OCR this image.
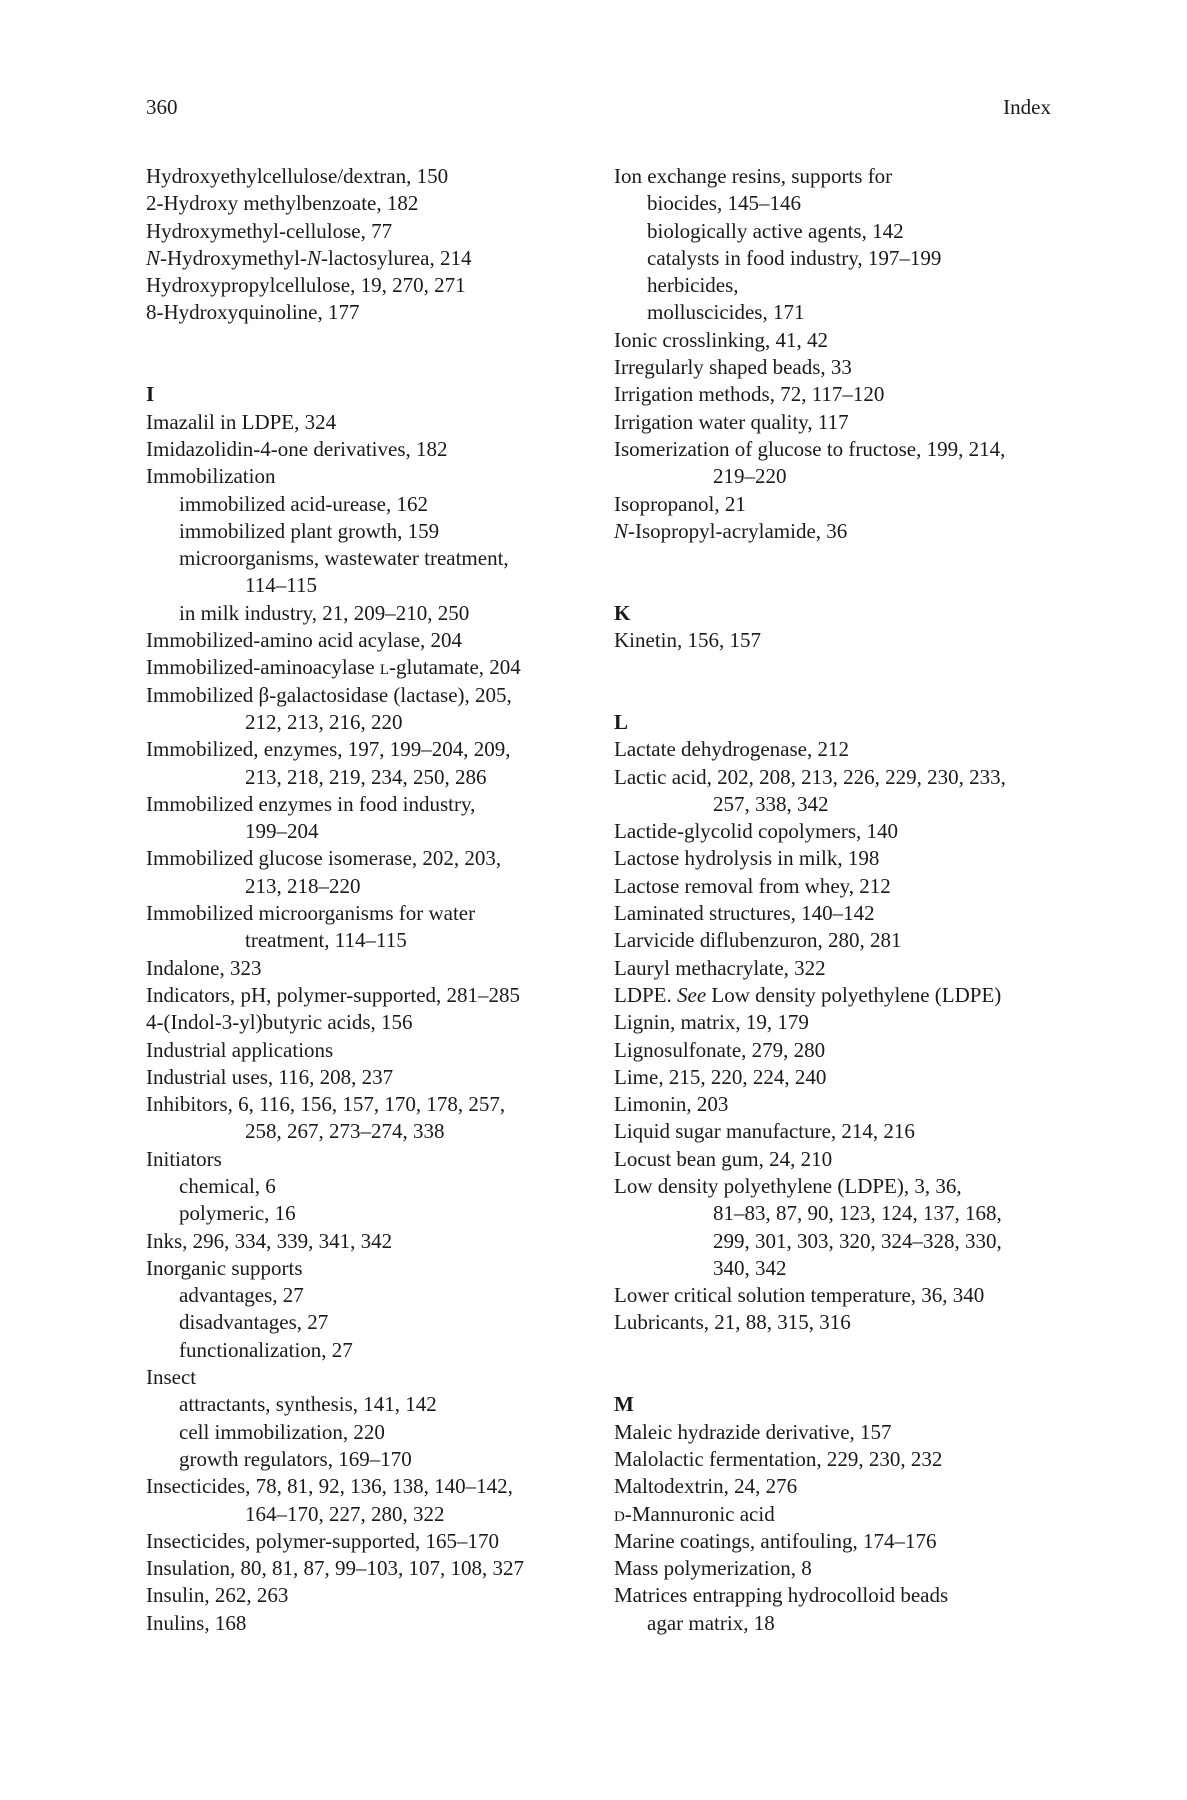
360	Index
Hydroxyethylcellulose/dextran, 150
2-Hydroxy methylbenzoate, 182
Hydroxymethyl-cellulose, 77
N-Hydroxymethyl-N-lactosylurea, 214
Hydroxypropylcellulose, 19, 270, 271
8-Hydroxyquinoline, 177
I
Imazalil in LDPE, 324
Imidazolidin-4-one derivatives, 182
Immobilization
immobilized acid-urease, 162
immobilized plant growth, 159
microorganisms, wastewater treatment,
114–115
in milk industry, 21, 209–210, 250
Immobilized-amino acid acylase, 204
Immobilized-aminoacylase l-glutamate, 204
Immobilized β-galactosidase (lactase), 205,
212, 213, 216, 220
Immobilized, enzymes, 197, 199–204, 209,
213, 218, 219, 234, 250, 286
Immobilized enzymes in food industry,
199–204
Immobilized glucose isomerase, 202, 203,
213, 218–220
Immobilized microorganisms for water
treatment, 114–115
Indalone, 323
Indicators, pH, polymer-supported, 281–285
4-(Indol-3-yl)butyric acids, 156
Industrial applications
Industrial uses, 116, 208, 237
Inhibitors, 6, 116, 156, 157, 170, 178, 257,
258, 267, 273–274, 338
Initiators
chemical, 6
polymeric, 16
Inks, 296, 334, 339, 341, 342
Inorganic supports
advantages, 27
disadvantages, 27
functionalization, 27
Insect
attractants, synthesis, 141, 142
cell immobilization, 220
growth regulators, 169–170
Insecticides, 78, 81, 92, 136, 138, 140–142,
164–170, 227, 280, 322
Insecticides, polymer-supported, 165–170
Insulation, 80, 81, 87, 99–103, 107, 108, 327
Insulin, 262, 263
Inulins, 168
Ion exchange resins, supports for
biocides, 145–146
biologically active agents, 142
catalysts in food industry, 197–199
herbicides,
molluscicides, 171
Ionic crosslinking, 41, 42
Irregularly shaped beads, 33
Irrigation methods, 72, 117–120
Irrigation water quality, 117
Isomerization of glucose to fructose, 199, 214,
219–220
Isopropanol, 21
N-Isopropyl-acrylamide, 36
K
Kinetin, 156, 157
L
Lactate dehydrogenase, 212
Lactic acid, 202, 208, 213, 226, 229, 230, 233,
257, 338, 342
Lactide-glycolid copolymers, 140
Lactose hydrolysis in milk, 198
Lactose removal from whey, 212
Laminated structures, 140–142
Larvicide diflubenzuron, 280, 281
Lauryl methacrylate, 322
LDPE. See Low density polyethylene (LDPE)
Lignin, matrix, 19, 179
Lignosulfonate, 279, 280
Lime, 215, 220, 224, 240
Limonin, 203
Liquid sugar manufacture, 214, 216
Locust bean gum, 24, 210
Low density polyethylene (LDPE), 3, 36,
81–83, 87, 90, 123, 124, 137, 168,
299, 301, 303, 320, 324–328, 330,
340, 342
Lower critical solution temperature, 36, 340
Lubricants, 21, 88, 315, 316
M
Maleic hydrazide derivative, 157
Malolactic fermentation, 229, 230, 232
Maltodextrin, 24, 276
d-Mannuronic acid
Marine coatings, antifouling, 174–176
Mass polymerization, 8
Matrices entrapping hydrocolloid beads
agar matrix, 18
